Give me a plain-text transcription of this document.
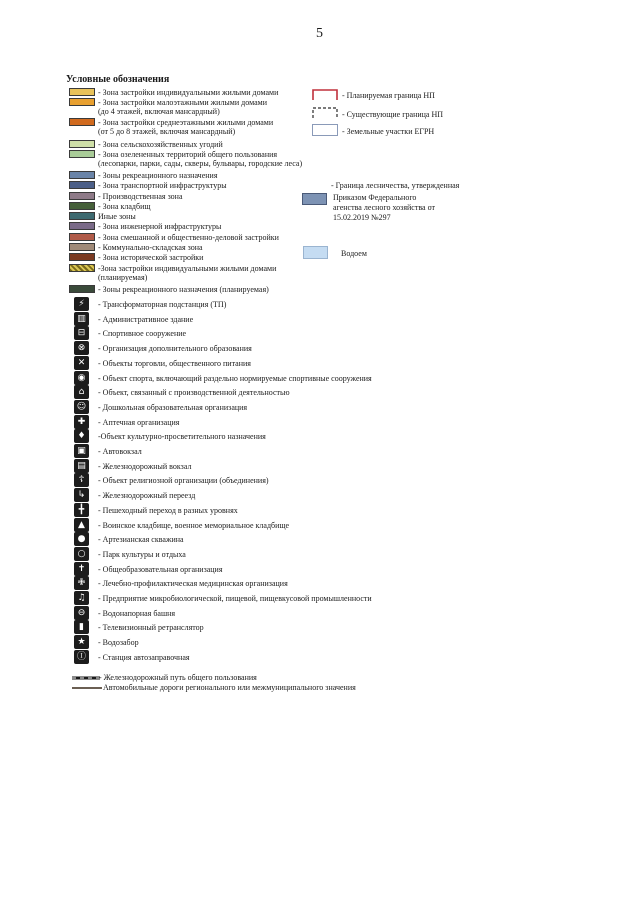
5
Условные обозначения
- Зона застройки индивидуальными жилыми домами
- Зона застройки малоэтажными жилыми домами
(до 4 этажей, включая мансардный)
- Зона застройки среднеэтажными жилыми домами
(от 5 до 8 этажей, включая мансардный)
- Зона сельскохозяйственных угодий
- Зона озелененных территорий общего пользования
(лесопарки, парки, сады, скверы, бульвары, городские леса)
- Зоны рекреационного назначения
- Зона транспортной инфраструктуры
- Производственная зона
- Зона кладбищ
Иные зоны
- Зона инженерной инфраструктуры
- Зона смешанной и общественно-деловой застройки
- Коммунально-складская зона
- Зона исторической застройки
-Зона застройки индивидуальными жилыми домами
(планируемая)
- Зоны рекреационного назначения (планируемая)
⚡	- Трансформаторная подстанция (ТП)
▥	- Административное здание
⊟	- Спортивное сооружение
⊗	- Организация дополнительного образования
✕	- Объекты торговли, общественного питания
◉	- Объект спорта, включающий раздельно нормируемые спортивные сооружения
⌂	- Объект, связанный с производственной деятельностью
☺	- Дошкольная образовательная организация
✚	- Аптечная организация
♦	-Объект культурно-просветительного назначения
▣	- Автовокзал
▤	- Железнодорожный вокзал
☦	- Объект религиозной организации (объединения)
↳	- Железнодорожный переезд
╋	- Пешеходный переход в разных уровнях
▲	- Воинское кладбище, военное мемориальное кладбище
●	- Артезианская скважина
○	- Парк культуры и отдыха
✝	- Общеобразовательная организация
✙	- Лечебно-профилактическая медицинская организация
♫	- Предприятие микробиологической, пищевой, пищевкусовой промышленности
⊖	- Водонапорная башня
▮	- Телевизионный ретранслятор
★	- Водозабор
Ⓘ	- Станция автозаправочная
- Планируемая граница НП
- Существующие граница НП
- Земельные участки ЕГРН
- Граница лесничества, утвержденная
Приказом Федерального
агенства лесного хозяйства от
15.02.2019 №297
Водоем
- Железнодорожный путь общего пользования
Автомобильные дороги регионального или межмуниципального значения
